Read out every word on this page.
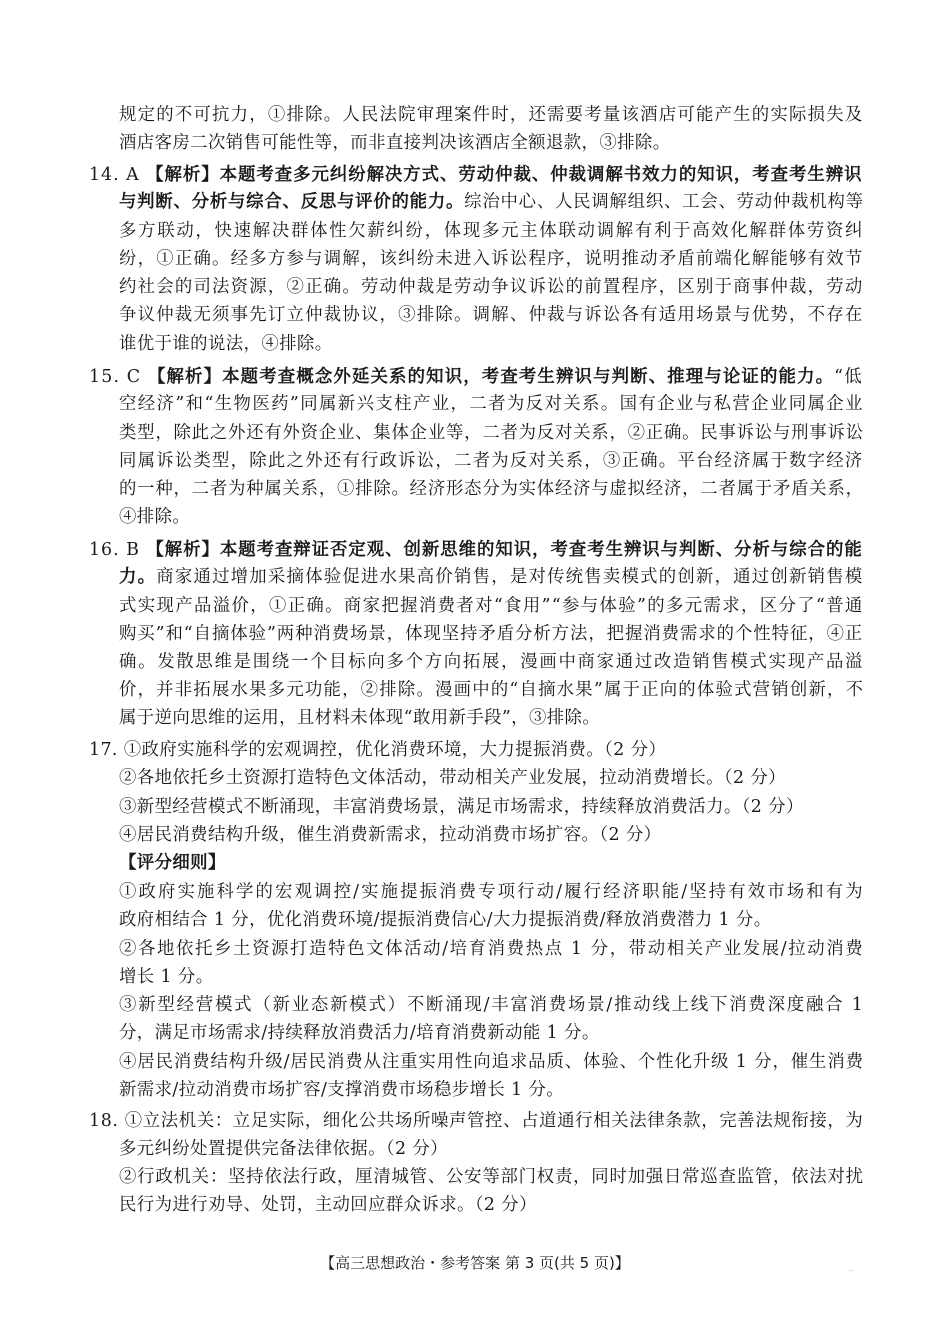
规定的不可抗力，①排除。人民法院审理案件时，还需要考量该酒店可能产生的实际损失及
酒店客房二次销售可能性等，而非直接判决该酒店全额退款，③排除。
14. A 【解析】本题考查多元纠纷解决方式、劳动仲裁、仲裁调解书效力的知识，考查考生辨识
与判断、分析与综合、反思与评价的能力。综治中心、人民调解组织、工会、劳动仲裁机构等
多方联动，快速解决群体性欠薪纠纷，体现多元主体联动调解有利于高效化解群体劳资纠
纷，①正确。经多方参与调解，该纠纷未进入诉讼程序，说明推动矛盾前端化解能够有效节
约社会的司法资源，②正确。劳动仲裁是劳动争议诉讼的前置程序，区别于商事仲裁，劳动
争议仲裁无须事先订立仲裁协议，③排除。调解、仲裁与诉讼各有适用场景与优势，不存在
谁优于谁的说法，④排除。
15. C 【解析】本题考查概念外延关系的知识，考查考生辨识与判断、推理与论证的能力。“低
空经济”和“生物医药”同属新兴支柱产业，二者为反对关系。国有企业与私营企业同属企业
类型，除此之外还有外资企业、集体企业等，二者为反对关系，②正确。民事诉讼与刑事诉讼
同属诉讼类型，除此之外还有行政诉讼，二者为反对关系，③正确。平台经济属于数字经济
的一种，二者为种属关系，①排除。经济形态分为实体经济与虚拟经济，二者属于矛盾关系，
④排除。
16. B 【解析】本题考查辩证否定观、创新思维的知识，考查考生辨识与判断、分析与综合的能
力。商家通过增加采摘体验促进水果高价销售，是对传统售卖模式的创新，通过创新销售模
式实现产品溢价，①正确。商家把握消费者对“食用”“参与体验”的多元需求，区分了“普通
购买”和“自摘体验”两种消费场景，体现坚持矛盾分析方法，把握消费需求的个性特征，④正
确。发散思维是围绕一个目标向多个方向拓展，漫画中商家通过改造销售模式实现产品溢
价，并非拓展水果多元功能，②排除。漫画中的“自摘水果”属于正向的体验式营销创新，不
属于逆向思维的运用，且材料未体现“敢用新手段”，③排除。
17. ①政府实施科学的宏观调控，优化消费环境，大力提振消费。（2 分）
②各地依托乡土资源打造特色文体活动，带动相关产业发展，拉动消费增长。（2 分）
③新型经营模式不断涌现，丰富消费场景，满足市场需求，持续释放消费活力。（2 分）
④居民消费结构升级，催生消费新需求，拉动消费市场扩容。（2 分）
【评分细则】
①政府实施科学的宏观调控/实施提振消费专项行动/履行经济职能/坚持有效市场和有为
政府相结合 1 分，优化消费环境/提振消费信心/大力提振消费/释放消费潜力 1 分。
②各地依托乡土资源打造特色文体活动/培育消费热点 1 分，带动相关产业发展/拉动消费
增长 1 分。
③新型经营模式（新业态新模式）不断涌现/丰富消费场景/推动线上线下消费深度融合 1
分，满足市场需求/持续释放消费活力/培育消费新动能 1 分。
④居民消费结构升级/居民消费从注重实用性向追求品质、体验、个性化升级 1 分，催生消费
新需求/拉动消费市场扩容/支撑消费市场稳步增长 1 分。
18. ①立法机关：立足实际，细化公共场所噪声管控、占道通行相关法律条款，完善法规衔接，为
多元纠纷处置提供完备法律依据。（2 分）
②行政机关：坚持依法行政，厘清城管、公安等部门权责，同时加强日常巡查监管，依法对扰
民行为进行劝导、处罚，主动回应群众诉求。（2 分）
【高三思想政治・参考答案 第 3 页(共 5 页)】	..
